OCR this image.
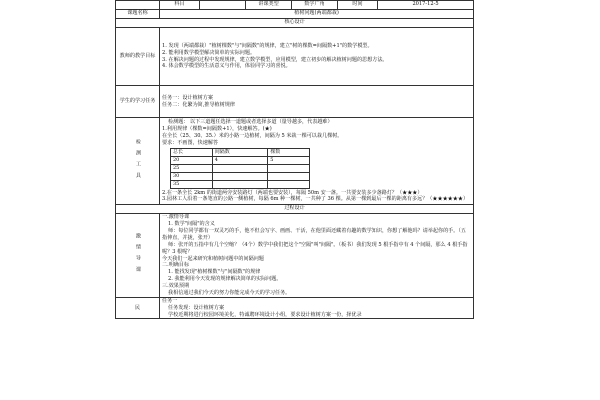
	科目		讲课类型	数学广角	时间	2017-12-5
课题名称	植树问题(两端都栽)
核心设计
教师的教学目标	

1. 发现（两端都栽）"植树棵数"与"间隔数"的规律，建立"树的棵数=间隔数+1"的数学模型。

2. 能利用数学模型解决简单的实际问题。

3. 在解决问题的过程中发现规律，建立数学模型，应用模型，建立初步的解决植树问题的思想方法。

4. 体会数学模型的生活意义与作用，体验同学习的喜悦。

学生的学习任务	

任务一：设计植树方案

任务二：化繁为简,推导植树规律

检测工具

检测题： 以下三道题任选择一道题或者选择多道（量导越多，代表越难）

1.利用规律（棵数=间隔数+1），快速解答。(★)

在全长（25、30、35.）米的小路一边植树，间隔为 5 米栽一棵可以栽几棵树。

要求：不画图，快速解答

总长	间隔数	棵数
20	4	5
25		
30		
35		

2.在一条全长 2km 的街道两旁安装路灯（两端也要安装），每隔 50m 安一盏。一共要安装多少盏路灯？（★★★）

3.园林工人沿着一条笔直的公路一侧植树，每隔 6m 种一棵树，一共种了 36 棵。从第一棵到最后一棵的距离有多远？（★★★★★★）

过程设计

激情导课

一.激情导课

1. 数学"间隔"的含义

师：每位同学都有一双灵巧的手，他不但会写字、画画、干活，在他里面还藏着有趣的数学知识，你想了解他吗？请举起你的手。（五指伸直，并拢，张开）

师：张开的五指中有几个空缩？（4个）数学中我们把这个"空隔"叫"间隔"。（板书）我们发现 5 根手指中有 4 个间隔，那么 4 根手指呢？3 根呢？

今天我们一起来研究和植树问题中的间隔问题

二.明确目标

1. 能找发现"植树棵数"与"间隔数"的规律

2. 我能利用今天发现的规律解决简单的实际问题。

三.效果预期

我相信通过我们今天的努力你能完成今天的学习任务。

民	

任务一

任务发现：设计植树方案

学校近期将进行校园环境美化，特诚聘环境设计小组，要求设计植树方案一份，择优录
